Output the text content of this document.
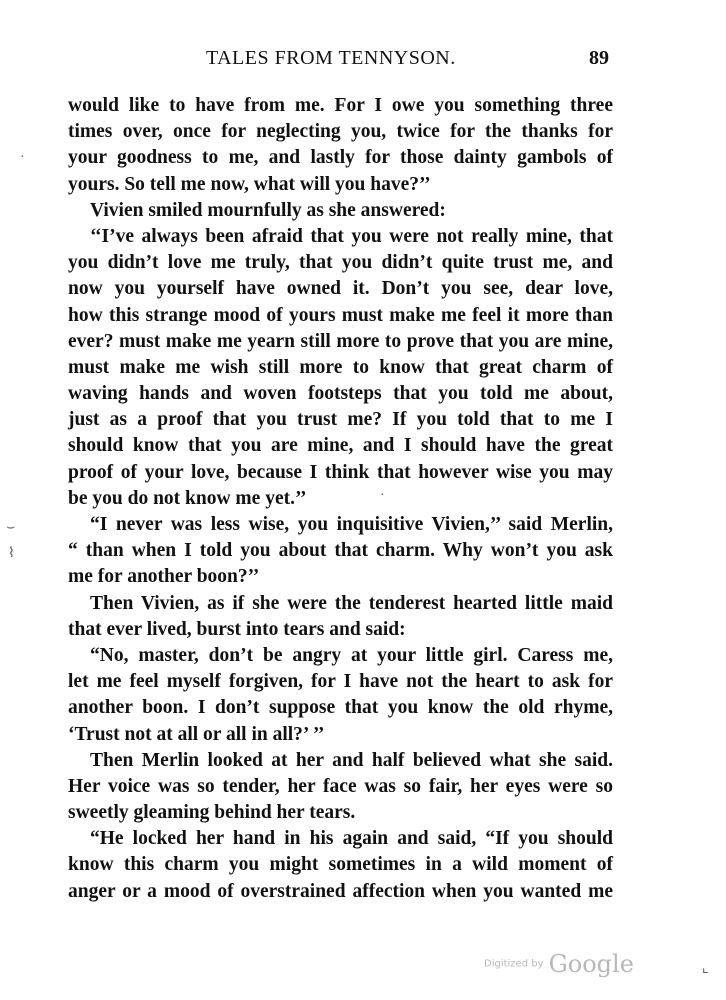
TALES FROM TENNYSON.	89
would like to have from me. For I owe you something three
times over, once for neglecting you, twice for the thanks for
your goodness to me, and lastly for those dainty gambols of
yours. So tell me now, what will you have?’’
Vivien smiled mournfully as she answered:
‘‘I’ve always been afraid that you were not really mine, that
you didn’t love me truly, that you didn’t quite trust me, and
now you yourself have owned it. Don’t you see, dear love,
how this strange mood of yours must make me feel it more than
ever? must make me yearn still more to prove that you are mine,
must make me wish still more to know that great charm of
waving hands and woven footsteps that you told me about,
just as a proof that you trust me? If you told that to me I
should know that you are mine, and I should have the great
proof of your love, because I think that however wise you may
be you do not know me yet.’’
“I never was less wise, you inquisitive Vivien,’’ said Merlin,
“ than when I told you about that charm. Why won’t you ask
me for another boon?’’
Then Vivien, as if she were the tenderest hearted little maid
that ever lived, burst into tears and said:
“No, master, don’t be angry at your little girl. Caress me,
let me feel myself forgiven, for I have not the heart to ask for
another boon. I don’t suppose that you know the old rhyme,
‘Trust not at all or all in all?’ ’’
Then Merlin looked at her and half believed what she said.
Her voice was so tender, her face was so fair, her eyes were so
sweetly gleaming behind her tears.
“He locked her hand in his again and said, “If you should
know this charm you might sometimes in a wild moment of
anger or a mood of overstrained affection when you wanted me
·
⌣
⌇
·
⌞
Digitized by Google
